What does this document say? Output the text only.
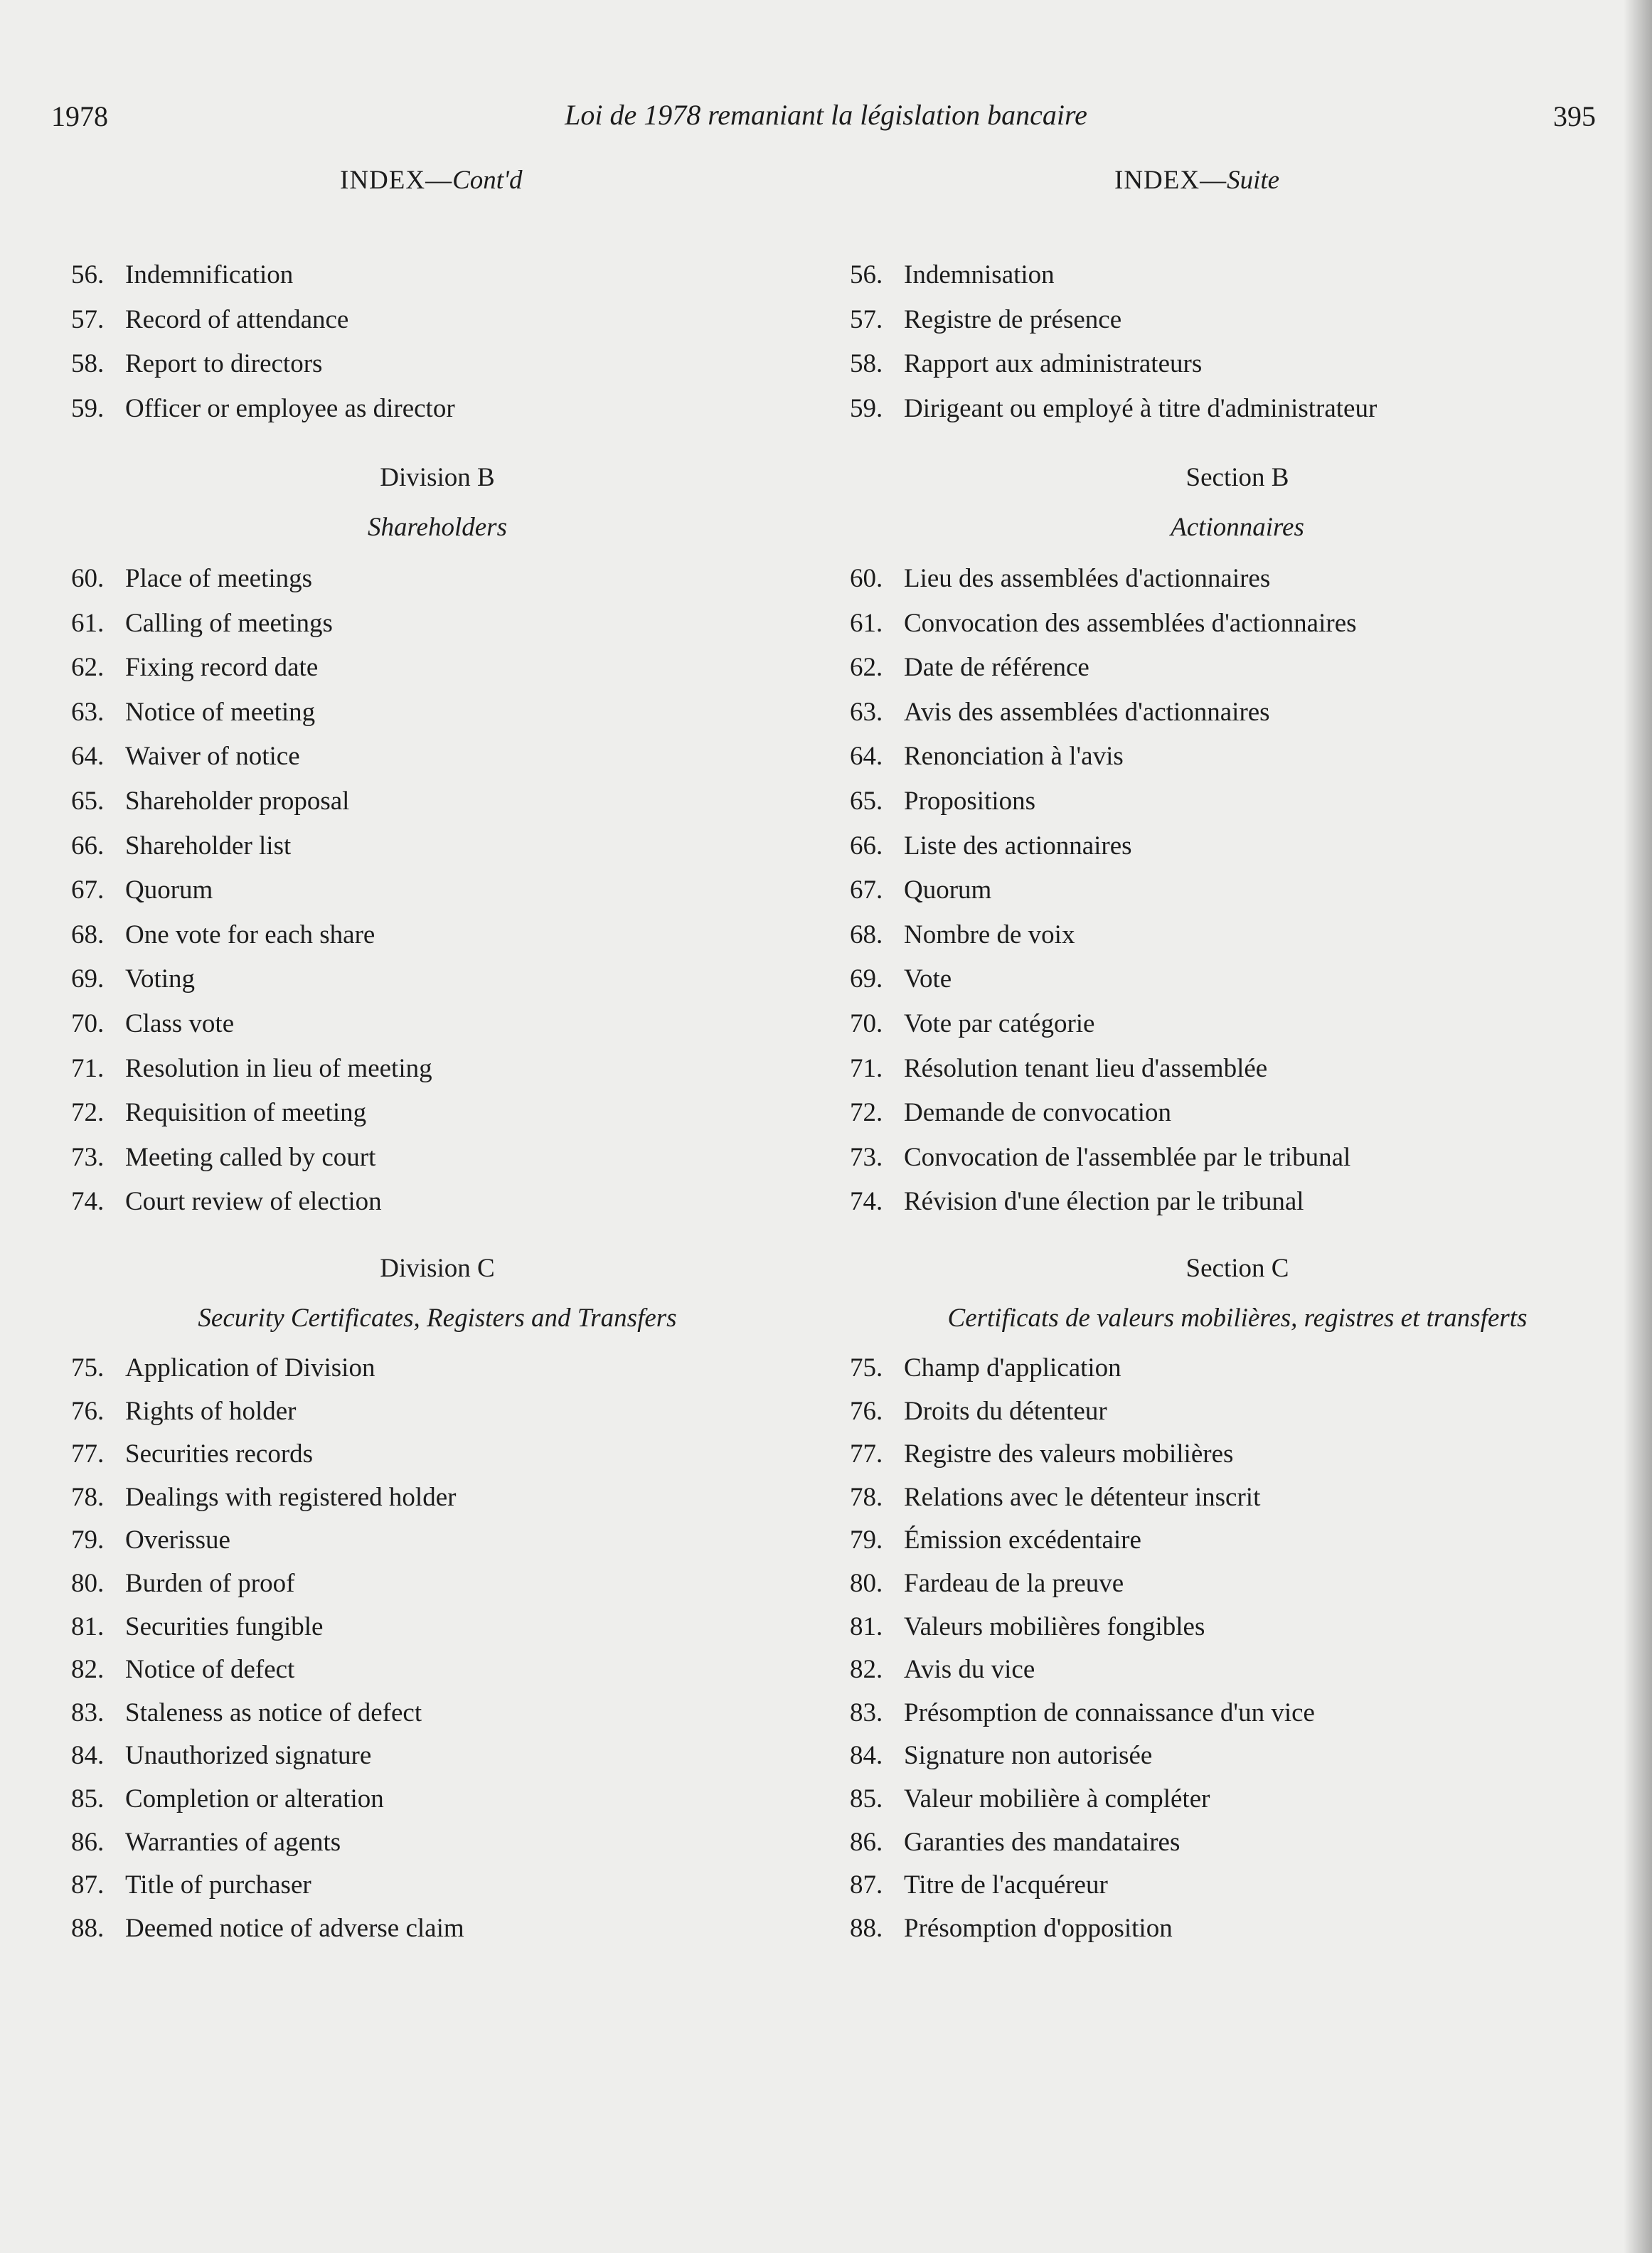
1978	Loi de 1978 remaniant la législation bancaire	395
INDEX—Cont'd
56. Indemnification
57. Record of attendance
58. Report to directors
59. Officer or employee as director
Division B
Shareholders
60. Place of meetings
61. Calling of meetings
62. Fixing record date
63. Notice of meeting
64. Waiver of notice
65. Shareholder proposal
66. Shareholder list
67. Quorum
68. One vote for each share
69. Voting
70. Class vote
71. Resolution in lieu of meeting
72. Requisition of meeting
73. Meeting called by court
74. Court review of election
Division C
Security Certificates, Registers and Transfers
75. Application of Division
76. Rights of holder
77. Securities records
78. Dealings with registered holder
79. Overissue
80. Burden of proof
81. Securities fungible
82. Notice of defect
83. Staleness as notice of defect
84. Unauthorized signature
85. Completion or alteration
86. Warranties of agents
87. Title of purchaser
88. Deemed notice of adverse claim
INDEX—Suite
56. Indemnisation
57. Registre de présence
58. Rapport aux administrateurs
59. Dirigeant ou employé à titre d'administrateur
Section B
Actionnaires
60. Lieu des assemblées d'actionnaires
61. Convocation des assemblées d'actionnaires
62. Date de référence
63. Avis des assemblées d'actionnaires
64. Renonciation à l'avis
65. Propositions
66. Liste des actionnaires
67. Quorum
68. Nombre de voix
69. Vote
70. Vote par catégorie
71. Résolution tenant lieu d'assemblée
72. Demande de convocation
73. Convocation de l'assemblée par le tribunal
74. Révision d'une élection par le tribunal
Section C
Certificats de valeurs mobilières, registres et transferts
75. Champ d'application
76. Droits du détenteur
77. Registre des valeurs mobilières
78. Relations avec le détenteur inscrit
79. Émission excédentaire
80. Fardeau de la preuve
81. Valeurs mobilières fongibles
82. Avis du vice
83. Présomption de connaissance d'un vice
84. Signature non autorisée
85. Valeur mobilière à compléter
86. Garanties des mandataires
87. Titre de l'acquéreur
88. Présomption d'opposition
